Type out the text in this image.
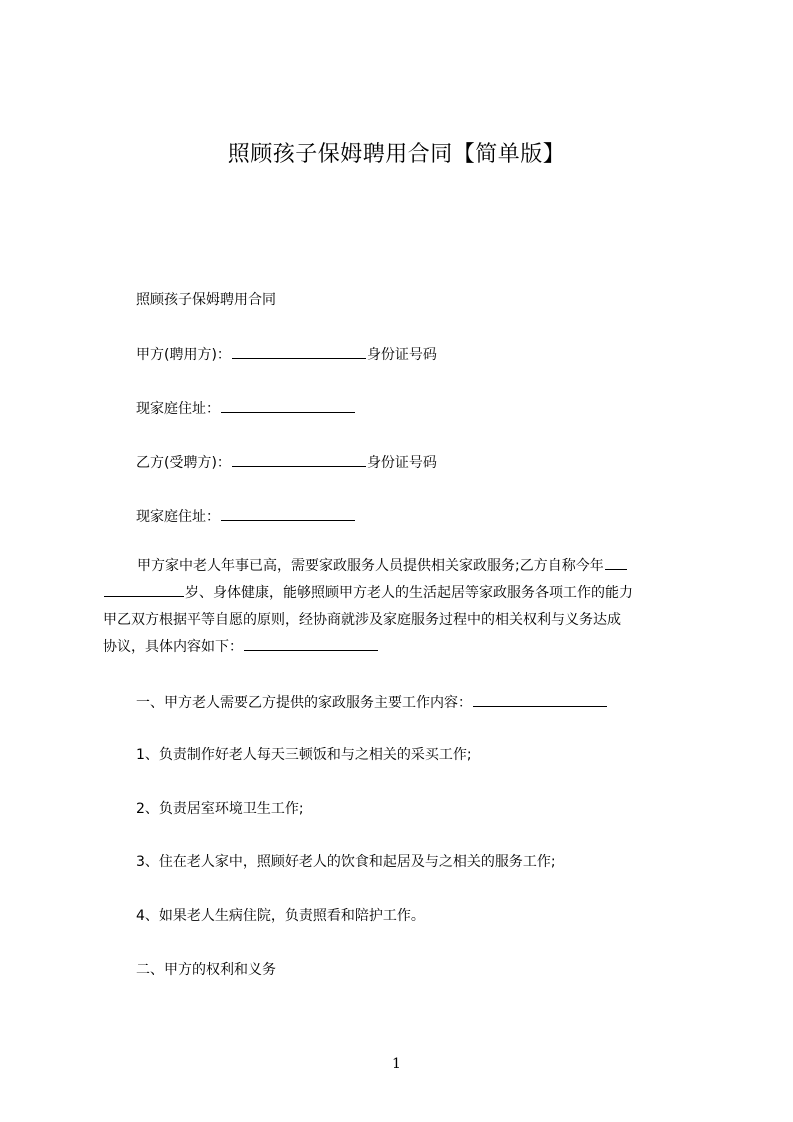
照顾孩子保姆聘用合同【简单版】
照顾孩子保姆聘用合同
甲方(聘用方)：	身份证号码
现家庭住址：
乙方(受聘方)：	身份证号码
现家庭住址：
甲方家中老人年事已高，需要家政服务人员提供相关家政服务;乙方自称今年
岁、身体健康，能够照顾甲方老人的生活起居等家政服务各项工作的能力
甲乙双方根据平等自愿的原则，经协商就涉及家庭服务过程中的相关权利与义务达成
协议，具体内容如下：
一、甲方老人需要乙方提供的家政服务主要工作内容：
1、负责制作好老人每天三顿饭和与之相关的采买工作;
2、负责居室环境卫生工作;
3、住在老人家中，照顾好老人的饮食和起居及与之相关的服务工作;
4、如果老人生病住院，负责照看和陪护工作。
二、甲方的权利和义务
1
